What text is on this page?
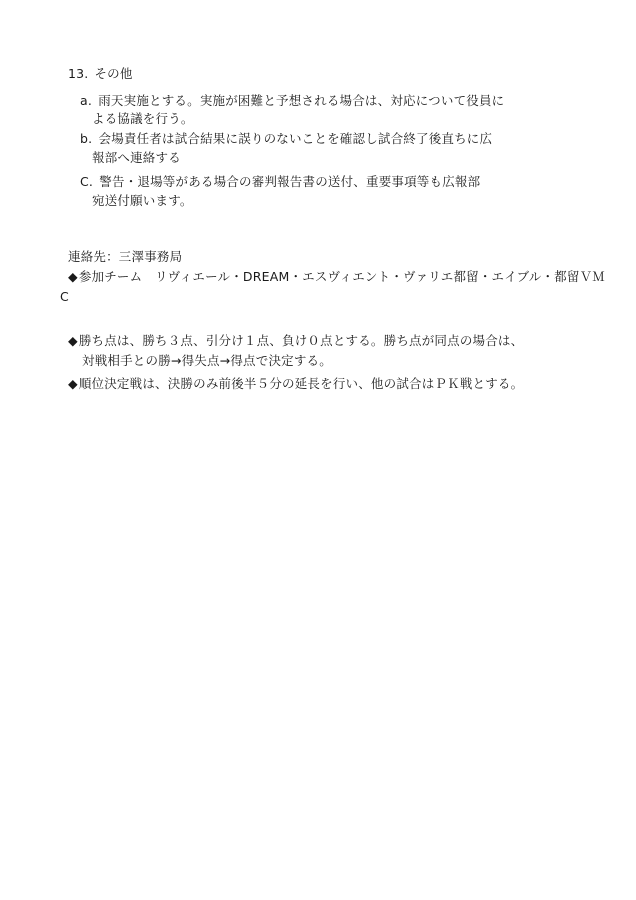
13. その他
a. 雨天実施とする。実施が困難と予想される場合は、対応について役員に
よる協議を行う。
b. 会場責任者は試合結果に誤りのないことを確認し試合終了後直ちに広
報部へ連絡する
C. 警告・退場等がある場合の審判報告書の送付、重要事項等も広報部
宛送付願います。
連絡先：三澤事務局
◆参加チーム　リヴィエール・DREAM・エスヴィエント・ヴァリエ都留・エイブル・都留ＶＭ
C
◆勝ち点は、勝ち３点、引分け１点、負け０点とする。勝ち点が同点の場合は、
対戦相手との勝→得失点→得点で決定する。
◆順位決定戦は、決勝のみ前後半５分の延長を行い、他の試合はＰＫ戦とする。
